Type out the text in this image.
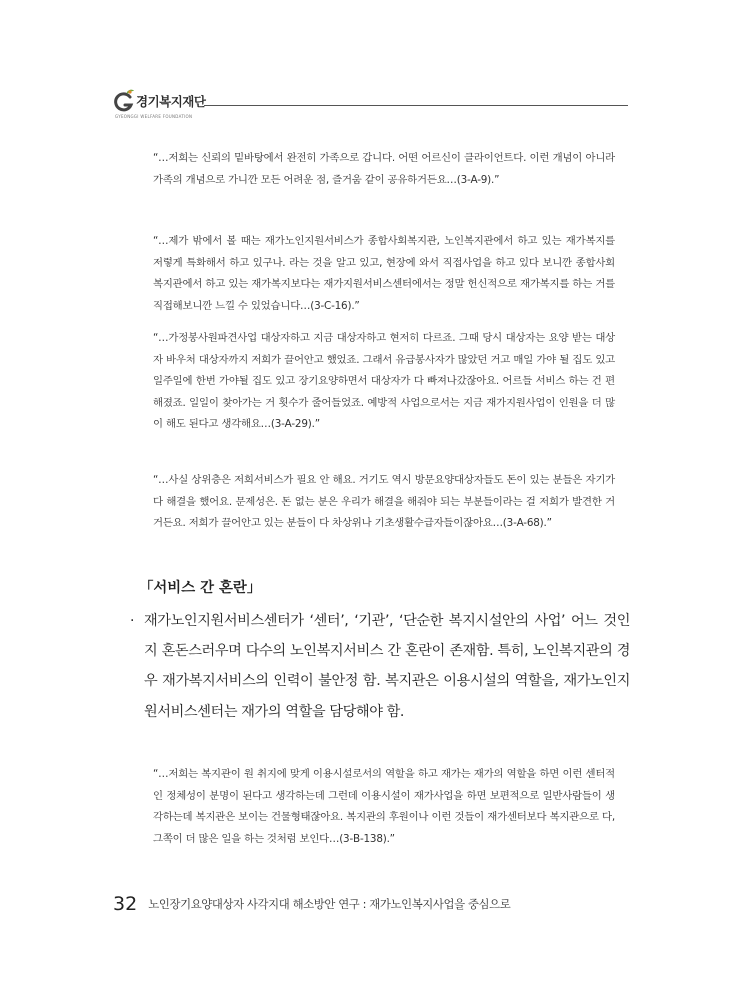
경기복지재단
GYEONGGI WELFARE FOUNDATION

“…저희는 신뢰의 밑바탕에서 완전히 가족으로 갑니다. 어떤 어르신이 클라이언트다. 이런 개념이 아니라 가족의 개념으로 가니깐 모든 어려운 점, 즐거움 같이 공유하거든요…(3-A-9).”

“…제가 밖에서 볼 때는 재가노인지원서비스가 종합사회복지관, 노인복지관에서 하고 있는 재가복지를 저렇게 특화해서 하고 있구나. 라는 것을 알고 있고, 현장에 와서 직접사업을 하고 있다 보니깐 종합사회복지관에서 하고 있는 재가복지보다는 재가지원서비스센터에서는 정말 헌신적으로 재가복지를 하는 거를 직접해보니깐 느낄 수 있었습니다…(3-C-16).”

“…가정봉사원파견사업 대상자하고 지금 대상자하고 현저히 다르죠. 그때 당시 대상자는 요양 받는 대상자 바우처 대상자까지 저희가 끌어안고 했었죠. 그래서 유급봉사자가 많았던 거고 매일 가야 될 집도 있고 일주일에 한번 가야될 집도 있고 장기요양하면서 대상자가 다 빠져나갔잖아요. 어르들 서비스 하는 건 편해졌죠. 일일이 찾아가는 거 횟수가 줄어들었죠. 예방적 사업으로서는 지금 재가지원사업이 인원을 더 많이 해도 된다고 생각해요…(3-A-29).”

“…사실 상위층은 저희서비스가 필요 안 해요. 거기도 역시 방문요양대상자들도 돈이 있는 분들은 자기가 다 해결을 했어요. 문제성은. 돈 없는 분은 우리가 해결을 해줘야 되는 부분들이라는 걸 저희가 발견한 거거든요. 저희가 끌어안고 있는 분들이 다 차상위나 기초생활수급자들이잖아요…(3-A-68).”

「서비스 간 혼란」
· 재가노인지원서비스센터가 ‘센터’, ‘기관’, ‘단순한 복지시설안의 사업’ 어느 것인지 혼돈스러우며 다수의 노인복지서비스 간 혼란이 존재함. 특히, 노인복지관의 경우 재가복지서비스의 인력이 불안정 함. 복지관은 이용시설의 역할을, 재가노인지원서비스센터는 재가의 역할을 담당해야 함.

“…저희는 복지관이 원 취지에 맞게 이용시설로서의 역할을 하고 재가는 재가의 역할을 하면 이런 센터적인 정체성이 분명이 된다고 생각하는데 그런데 이용시설이 재가사업을 하면 보편적으로 일반사람들이 생각하는데 복지관은 보이는 건물형태잖아요. 복지관의 후원이나 이런 것들이 재가센터보다 복지관으로 다, 그쪽이 더 많은 일을 하는 것처럼 보인다…(3-B-138).”

32 노인장기요양대상자 사각지대 해소방안 연구 : 재가노인복지사업을 중심으로
